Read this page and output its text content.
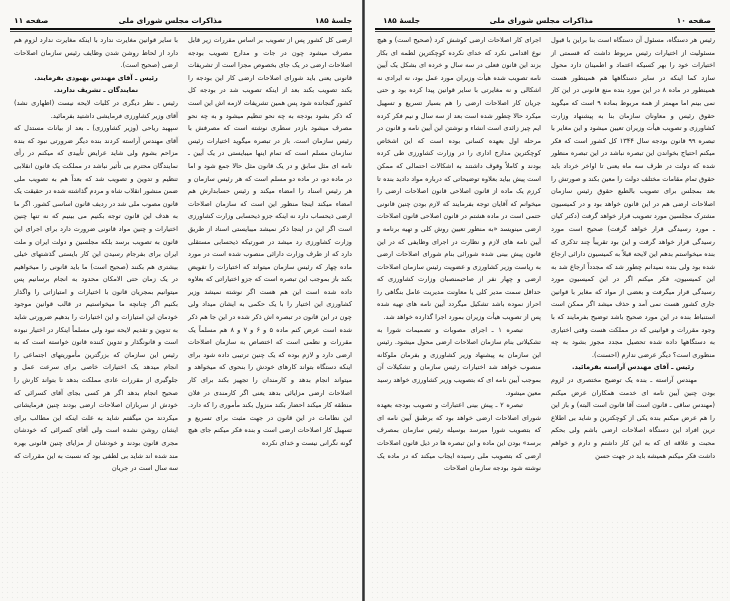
جلسهٔ ۱۸۵
مذاکرات مجلس شورای ملی
صفحه ۱۱

ارضی کل کشور پس از تصویب بر اساس مقررات زیر قابل مصرف میشود چون در جات و مدارج تصویب بودجه اصلاحات ارضی در یک جای بخصوص مجزا است از تشریفات قانونی یعنی باید شورای اصلاحات ارضی کار این بودجه را بکند تصویب بکند بعد از اینکه تصویب شد در بودجه کل کشور گنجانده شود پس همین تشریفات لازمه اش این است که ذکر بشود بودجه به چه نحو تنظیم میشود و به چه نحو مصرف میشود بازدر سطری نوشته است که مصرفش با رئیس سازمان است. باز در تبصره میگوید اختیارات رئیس سازمان مسلم است که تمام اینها میبایستی در یک آیین ـ نامه ای مثل سابق و در یک قانون مثل حالا جمع شود و اما در ماده دو، در ماده دو مسلم است که هر رئیس سازمان و هر رئیس اسناد را امضاء میکند و رئیس حسابدارش هم امضاء میکند اینجا منظور این است که سازمان اصلاحات ارضی ذیحساب دارد نه اینکه جزو ذیحسابی وزارت کشاورزی است اگر این در اینجا ذکر نمیشد میبایستی اسناد از طریق وزارت کشاورزی رد میشد در صورتیکه ذیحسابی مستقلی دارد که از طرف وزارت دارائی منصوب شده است در مورد ماده چهار که رئیس سازمان میتواند که اختیارات را تفویض بکند باز بموجب این تبصره است که جزو اختیاراتی که بعلاوه داده شده است این هم هست اگر نوشته نمیشد وزیر کشاورزی این اختیار را با یک حکمی به ایشان میداد ولی چون در این قانون در تبصره اش ذکر شده در این جا هم ذکر شده است عرض کنم ماده ۵ و ۶ و ۷ و ۸ هم مسلماً یک مقررات و نظمی است که اختصاص به سازمان اصلاحات ارضی دارد و لازم بوده که یک چنین ترتیبی داده شود برای اینکه دستگاه بتواند کارهای خودش را بنحوی که میخواهد و میتواند انجام بدهد و کارمندان را تجهیز بکند برای کار اصلاحات ارضی مزایائی بدهد یعنی اگر کارمندی در فلان منطقه کار میکند احضار بکند منزول بکند مأموری را که دارد. این نظامات در این قانون در جهت مثبت برای تسریع و تسهیل کار اصلاحات ارضی است و بنده فکر میکنم جای هیچ گونه نگرانی نیست و خدای نکرده

با سایر قوانین مغایرت ندارد با اینکه مغایرت ندارد لزوم هم دارد از لحاظ روشن شدن وظایف رئیس سازمان اصلاحات ارضی (صحیح است).

رئیس ـ آقای مهندس بهبودی بفرمایند.

نمایندگان ـ تشریف ندارند.

رئیس ـ نظر دیگری در کلیات لایحه نیست (اظهاری نشد) آقای وزیر کشاورزی فرمایشی داشتید بفرمائید.

سپهبد ریاحی (وزیر کشاورزی) ـ بعد از بیانات مستدل که آقای مهندس آراسته کردند بنده دیگر ضرورتی نبود که بنده مزاحم بشوم ولی شاید عرایض تأییدی که میکنم در رأی نمایندگان محترم بی تأثیر نباشد در مملکت یک قانون انقلابی تنظیم و تدوین و تصویب شد که بعداً هم به تصویب ملی ضمن منشور انقلاب شاه و مردم گذاشته شده در حقیقت یک قانون مصوب ملی شد در ردیف قانون اساسی کشور. اگر ما به هدف این قانون توجه بکنیم می بینیم که نه تنها چنین اختیارات و چنین مواد قانونی ضرورت دارد برای اجرای این قانون به تصویب برسد بلکه مجلسین و دولت ایران و ملت ایران برای بفرجام رسیدن این کار بایستی گذشتهای خیلی بیشتری هم بکنند (صحیح است) ما باید قانونی را میخواهیم در یک زمان حتی الامکان محدود به انجام برسانیم پس میتوانیم بمجریان قانون با اختیارات و امتیازاتی را واگذار بکنیم اگر چنانچه ما میخواستیم در قالب قوانین موجود خودمان این امتیازات و این اختیارات را بدهیم ضرورتی شاید به تدوین و تقدیم لایحه نبود ولی مسلماً اینکار در اختیار نبوده است و قانونگذار و تدوین کننده قانون خواسته است که به رئیس این سازمان که بزرگترین مأموریتهای اجتماعی را انجام میدهد یک اختیارات خاصی برای سرعت عمل و جلوگیری از مقررات عادی مملکت بدهد تا بتواند کارش را صحیح انجام بدهد اگر هر کسی بجای آقای کسرائی که خودش از سربازان اصلاحات ارضی بودند چنین فرمایشاتی میکردند من میگفتم شاید به علت اینکه این مطالب برای ایشان روشن نشده است ولی آقای کسرائی که خودشان مجری قانون بودند و خودشان از مزایای چنین قانونی بهره مند شده اند شاید بی لطفی بود که نسبت به این مقررات که سه سال است در جریان

صفحه ۱۰
مذاکرات مجلس شورای ملی
جلسهٔ ۱۸۵

رئیس هر دستگاه، مسئول آن دستگاه است بنا براین با قبول مسئولیت از اختیارات رئیس مربوط داشت که قسمتی از اختیارات خود را بهر کسیکه اعتماد و اطمینان دارد محول سازد کما اینکه در سایر دستگاهها هم همینطور هست همینطور در ماده ۸ در این مورد بنده منع قانونی در این کار نمی بینم اما مهمتر از همه مربوط بماده ۹ است که میگوید حقوق رئیس و معاونان سازمان بنا به پیشنهاد وزارت کشاورزی و تصویب هیأت وزیران تعیین میشود و این مغایر با تبصره ۹۹ قانون بودجه سال ۱۳۴۴ کل کشور است که فکر میکنم احتیاج بخواندن این تبصره نباشد در این تبصره منظور شده که دولت در ظرف سه ماه یعنی تا اواخر خرداد باید حقوق تمام مقامات مختلف دولت را معین بکند و صورتش را بعد بمجلس برای تصویب بالطبع حقوق رئیس سازمان اصلاحات ارضی هم در این قانون خواهد بود و در کمیسیون مشترک مجلسین مورد تصویب قرار خواهد گرفت (دکتر کیان ـ مورد رسیدگی قرار خواهد گرفت) صحیح است مورد رسیدگی قرار خواهد گرفت و این بود تقریباً چند تذکری که بنده میخواستم بدهم این لایحه قبلاً به کمیسیون دارائی ارجاع شده بود ولی بنده نمیدانم چطور شد که مجدداً ارجاع شد به این کمیسیون، فکر میکنم اگر در این کمیسیون مورد رسیدگی قرار میگرفت و بعضی از مواد که مغایر با قوانین جاری کشور هست نمی آمد و حذف میشد اگر ممکن است استنباط بنده در این مورد صحیح باشد توضیح بفرمایند که با وجود مقررات و قوانینی که در مملکت هست وقتی اختیاری به دستگاهها داده شده تحصیل مجدد مجوز بشود به چه منظوری است؟ دیگر عرضی ندارم (احسنت).

رئیس ـ آقای مهندس آراسته بفرمائید.

مهندس آراسته ـ بنده یک توضیح مختصری در لزوم بودن چنین آیین نامه ای خدمت همکاران عرض میکنم (مهندس ساقی ـ قانون است آقا قانون است البته) و باز این را هم عرض میکنم بنده یکی از کوچکترین و شاید بی اطلاع ترین افراد این دستگاه اصلاحات ارضی باشم ولی بحکم محبت و علاقه ای که به این کار داشتم و دارم و خواهم داشت فکر میکنم همیشه باید در جهت حسن

اجرای کار اصلاحات ارضی کوشش کرد (صحیح است) و هیچ نوع اقدامی نکرد که خدای نکرده کوچکترین لطمه ای بکار بزند این قانون فعلی در سه سال و خرده ای بشکل یک آیین نامه تصویب شده هیأت وزیران مورد عمل بود، نه ایرادی نه اشکالی و نه مغایرتی با سایر قوانین پیدا کرده بود و حتی جریان کار اصلاحات ارضی را هم بسیار تسریع و تسهیل میکرد حالا چطور شده است بعد از سه سال و نیم فکر کرده ایم چیز زائدی است انشاء و نوشتن این آیین نامه و قانون در مرحله اول بعهده کسانی بوده است که این اشخاص کوچکترین مدارج اداری را در وزارت کشاورزی طی کرده بودند و کاملاً وقوف داشتند به اشکالات احتمالی که ممکن است پیش بیاید بعلاوه توضیحاتی که درباره مواد دادید بنده تا کرزم یک ماده از قانون اصلاحی قانون اصلاحات ارضی را میخوانم که آقایان توجه بفرمایند که لازم بودن چنین قانونی حتمی است در ماده هشتم در قانون اصلاحی قانون اصلاحات ارضی مینویسد «به منظور تعیین روش کلی و تهیه برنامه و آیین نامه های لازم و نظارت در اجرای وظایفی که در این قانون پیش بینی شده شورائی بنام شورای اصلاحات ارضی به ریاست وزیر کشاورزی و عضویت رئیس سازمان اصلاحات ارضی و چهار نفر از صاحبمنصبان وزارت کشاورزی که حداقل سمت مدیر کلی یا معاونت مدیریت عامل بنگاهی را احراز نموده باشد تشکیل میگردد آیین نامه های تهیه شده پس از تصویب هیأت وزیران بمورد اجرا گذارده خواهد شد.

تبصره ۱ ـ اجرای مصوبات و تصمیمات شورا به تشکیلاتی بنام سازمان اصلاحات ارضی محول میشود. رئیس این سازمان به پیشنهاد وزیر کشاورزی و بفرمان ملوکانه منصوب خواهد شد اختیارات رئیس سازمان و تشکیلات آن بموجب آیین نامه ای که بتصویب وزیر کشاورزی خواهد رسید معین میشود.

تبصره ۲ ـ پیش بینی اعتبارات و تصویب بودجه بعهده شورای اصلاحات ارضی خواهد بود که برطبق آیین نامه ای که بتصویب شورا میرسد بوسیله رئیس سازمان بمصرف برسد» بودن این ماده و این تبصره ها در ذیل قانون اصلاحات ارضی که بتصویب ملی رسیده ایجاب میکند که در ماده یک نوشته شود بودجه سازمان اصلاحات
